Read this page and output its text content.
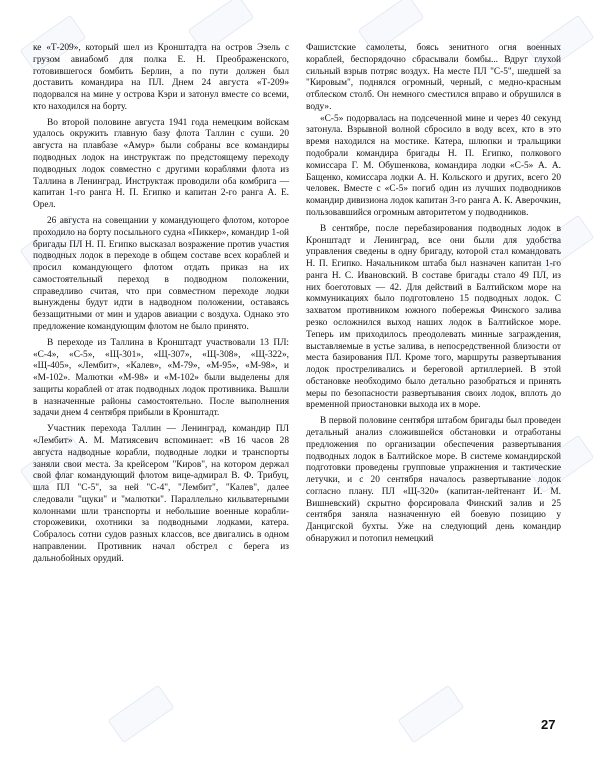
ке «Т-209», который шел из Кронштадта на остров Эзель с грузом авиабомб для полка Е. Н. Преображенского, готовившегося бомбить Берлин, а по пути должен был доставить командира на ПЛ. Днем 24 августа «Т-209» подорвался на мине у острова Кэри и затонул вместе со всеми, кто находился на борту.

Во второй половине августа 1941 года немецким войскам удалось окружить главную базу флота Таллин с суши. 20 августа на плавбазе «Амур» были собраны все командиры подводных лодок на инструктаж по предстоящему переходу подводных лодок совместно с другими кораблями флота из Таллина в Ленинград. Инструктаж проводили оба комбрига — капитан 1-го ранга Н. П. Египко и капитан 2-го ранга А. Е. Орел.

26 августа на совещании у командующего флотом, которое проходило на борту посыльного судна «Пиккер», командир 1-ой бригады ПЛ Н. П. Египко высказал возражение против участия подводных лодок в переходе в общем составе всех кораблей и просил командующего флотом отдать приказ на их самостоятельный переход в подводном положении, справедливо считая, что при совместном переходе лодки вынуждены будут идти в надводном положении, оставаясь беззащитными от мин и ударов авиации с воздуха. Однако это предложение командующим флотом не было принято.

В переходе из Таллина в Кронштадт участвовали 13 ПЛ: «С-4», «С-5», «Щ-301», «Щ-307», «Щ-308», «Щ-322», «Щ-405», «Лембит», «Калев», «М-79», «М-95», «М-98», и «М-102». Малютки «М-98» и «М-102» были выделены для защиты кораблей от атак подводных лодок противника. Вышли в назначенные районы самостоятельно. После выполнения задачи днем 4 сентября прибыли в Кронштадт.

Участник перехода Таллин — Ленинград, командир ПЛ «Лембит» А. М. Матиясевич вспоминает: «В 16 часов 28 августа надводные корабли, подводные лодки и транспорты заняли свои места. За крейсером "Киров", на котором держал свой флаг командующий флотом вице-адмирал В. Ф. Трибуц, шла ПЛ "С-5", за ней "С-4", "Лембит", "Калев", далее следовали "щуки" и "малютки". Параллельно кильватерными колоннами шли транспорты и небольшие военные корабли-сторожевики, охотники за подводными лодками, катера. Собралось сотни судов разных классов, все двигались в одном направлении. Противник начал обстрел с берега из дальнобойных орудий.

Фашистские самолеты, боясь зенитного огня военных кораблей, беспорядочно сбрасывали бомбы... Вдруг глухой сильный взрыв потряс воздух. На месте ПЛ "С-5", шедшей за "Кировым", поднялся огромный, черный, с медно-красным отблеском столб. Он немного сместился вправо и обрушился в воду».

«С-5» подорвалась на подсеченной мине и через 40 секунд затонула. Взрывной волной сбросило в воду всех, кто в это время находился на мостике. Катера, шлюпки и тральщики подобрали командира бригады Н. П. Египко, полкового комиссара Г. М. Обушенкова, командира лодки «С-5» А. А. Бащенко, комиссара лодки А. Н. Кольского и других, всего 20 человек. Вместе с «С-5» погиб один из лучших подводников командир дивизиона лодок капитан 3-го ранга А. К. Аверочкин, пользовавшийся огромным авторитетом у подводников.

В сентябре, после перебазирования подводных лодок в Кронштадт и Ленинград, все они были для удобства управления сведены в одну бригаду, которой стал командовать Н. П. Египко. Начальником штаба был назначен капитан 1-го ранга Н. С. Ивановский. В составе бригады стало 49 ПЛ, из них боеготовых — 42. Для действий в Балтийском море на коммуникациях было подготовлено 15 подводных лодок. С захватом противником южного побережья Финского залива резко осложнился выход наших лодок в Балтийское море. Теперь им приходилось преодолевать минные заграждения, выставляемые в устье залива, в непосредственной близости от места базирования ПЛ. Кроме того, маршруты развертывания лодок простреливались и береговой артиллерией. В этой обстановке необходимо было детально разобраться и принять меры по безопасности развертывания своих лодок, вплоть до временной приостановки выхода их в море.

В первой половине сентября штабом бригады был проведен детальный анализ сложившейся обстановки и отработаны предложения по организации обеспечения развертывания подводных лодок в Балтийское море. В системе командирской подготовки проведены групповые упражнения и тактические летучки, и с 20 сентября началось развертывание лодок согласно плану. ПЛ «Щ-320» (капитан-лейтенант И. М. Вишневский) скрытно форсировала Финский залив и 25 сентября заняла назначенную ей боевую позицию у Данцигской бухты. Уже на следующий день командир обнаружил и потопил немецкий

27
